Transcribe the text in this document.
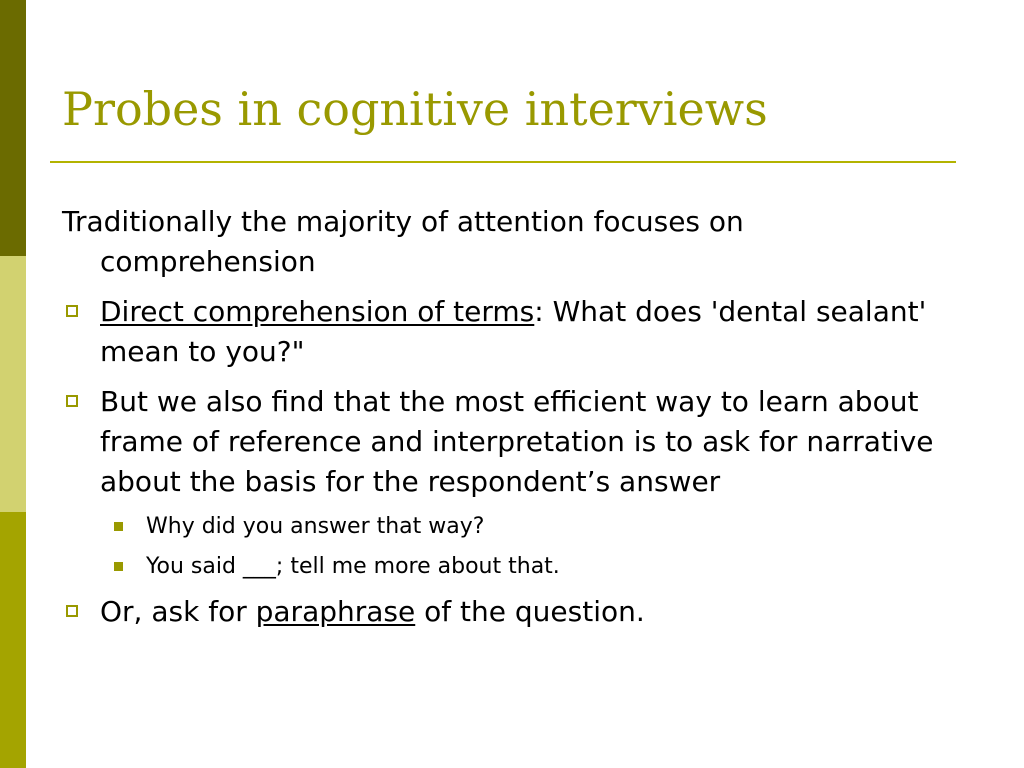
Probes in cognitive interviews

Traditionally the majority of attention focuses on comprehension

Direct comprehension of terms: What does 'dental sealant' mean to you?"
But we also find that the most efficient way to learn about frame of reference and interpretation is to ask for narrative about the basis for the respondent’s answer
Why did you answer that way?
You said ___; tell me more about that.
Or, ask for paraphrase of the question.
